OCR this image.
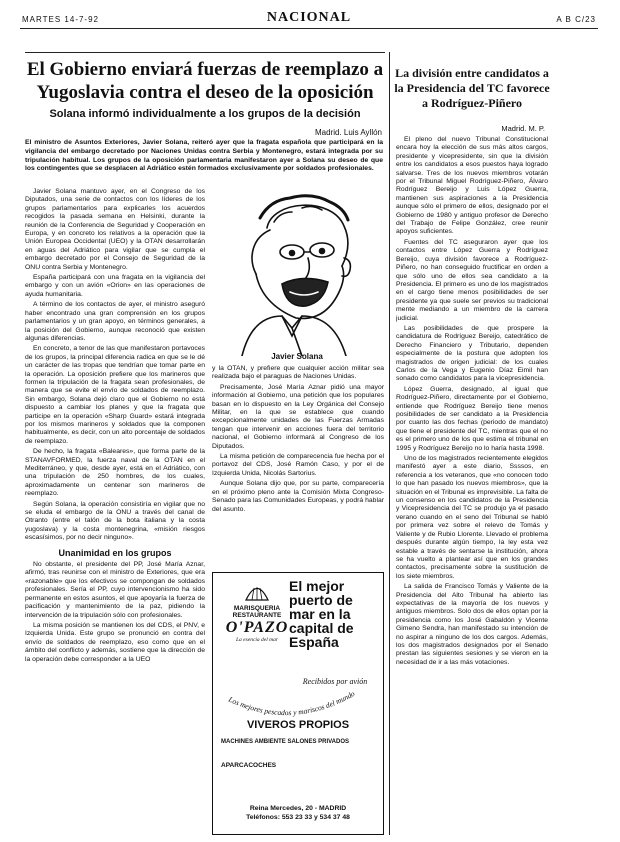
MARTES 14-7-92	NACIONAL	A B C/23
El Gobierno enviará fuerzas de reemplazo a Yugoslavia contra el deseo de la oposición
Solana informó individualmente a los grupos de la decisión
Madrid. Luis Ayllón

El ministro de Asuntos Exteriores, Javier Solana, reiteró ayer que la fragata española que participará en la vigilancia del embargo decretado por Naciones Unidas contra Serbia y Montenegro, estará integrada por su tripulación habitual. Los grupos de la oposición parlamentaria manifestaron ayer a Solana su deseo de que los contingentes que se desplacen al Adriático estén formados exclusivamente por soldados profesionales.

Javier Solana mantuvo ayer, en el Congreso de los Diputados, una serie de contactos con los líderes de los grupos parlamentarios para explicarles los acuerdos recogidos la pasada semana en Helsinki, durante la reunión de la Conferencia de Seguridad y Cooperación en Europa, y en concreto los relativos a la operación que la Unión Europea Occidental (UEO) y la OTAN desarrollarán en aguas del Adriático para vigilar que se cumpla el embargo decretado por el Consejo de Seguridad de la ONU contra Serbia y Montenegro.

España participará con una fragata en la vigilancia del embargo y con un avión «Orion» en las operaciones de ayuda humanitaria.

A término de los contactos de ayer, el ministro aseguró haber encontrado una gran comprensión en los grupos parlamentarios y un gran apoyo, en términos generales, a la posición del Gobierno, aunque reconoció que existen algunas diferencias.

En concreto, a tenor de las que manifestaron portavoces de los grupos, la principal diferencia radica en que se le dé un carácter de las tropas que tendrían que tomar parte en la operación. La oposición prefiere que los marineros que formen la tripulación de la fragata sean profesionales, de manera que se evite el envío de soldados de reemplazo. Sin embargo, Solana dejó claro que el Gobierno no está dispuesto a cambiar los planes y que la fragata que participe en la operación «Sharp Guard» estará integrada por los mismos marineros y soldados que la componen habitualmente, es decir, con un alto porcentaje de soldados de reemplazo.

De hecho, la fragata «Baleares», que forma parte de la STANAVFORMED, la fuerza naval de la OTAN en el Mediterráneo, y que, desde ayer, está en el Adriático, con una tripulación de 250 hombres, de los cuales, aproximadamente un centenar son marineros de reemplazo.

Según Solana, la operación consistiría en vigilar que no se eluda el embargo de la ONU a través del canal de Otranto (entre el talón de la bota italiana y la costa yugoslava) y la costa montenegrina, «misión riesgos escasísimos, por no decir ninguno».

Unanimidad en los grupos

No obstante, el presidente del PP, José María Aznar, afirmó, tras reunirse con el ministro de Exteriores, que era «razonable» que los efectivos se compongan de soldados profesionales. Sería el PP, cuyo intervencionismo ha sido permanente en estos asuntos, el que apoyaría la fuerza de pacificación y mantenimiento de la paz, pidiendo la intervención de la tripulación sólo con profesionales.

La misma posición se mantienen los del CDS, el PNV, e Izquierda Unida. Este grupo se pronunció en contra del envío de soldados de reemplazo, eso como que en el ámbito del conflicto y además, sostiene que la dirección de la operación debe corresponder a la UEO

Javier Solana

y la OTAN, y prefiere que cualquier acción militar sea realizada bajo el paraguas de Naciones Unidas.

Precisamente, José María Aznar pidió una mayor información al Gobierno, una petición que los populares basan en lo dispuesto en la Ley Orgánica del Consejo Militar, en la que se establece que cuando excepcionalmente unidades de las Fuerzas Armadas tengan que intervenir en acciones fuera del territorio nacional, el Gobierno informará al Congreso de los Diputados.

La misma petición de comparecencia fue hecha por el portavoz del CDS, José Ramón Caso, y por el de Izquierda Unida, Nicolás Sartorius.

Aunque Solana dijo que, por su parte, comparecería en el próximo pleno ante la Comisión Mixta Congreso-Senado para las Comunidades Europeas, y podrá hablar del asunto.

MARISQUERIA RESTAURANTE
O'PAZO
La esencia del mar
El mejor puerto de mar en la capital de España
Recibidos por avión
Los mejores pescados y mariscos del mundo
VIVEROS PROPIOS
MACHINES AMBIENTE SALONES PRIVADOS
APARCACOCHES
Reina Mercedes, 20 - MADRID
Teléfonos: 553 23 33 y 534 37 48
La división entre candidatos a la Presidencia del TC favorece a Rodríguez-Piñero
Madrid. M. P.

El pleno del nuevo Tribunal Constitucional encara hoy la elección de sus más altos cargos, presidente y vicepresidente, sin que la división entre los candidatos a esos puestos haya logrado salvarse. Tres de los nuevos miembros votarán por el Tribunal Miguel Rodríguez-Piñero, Álvaro Rodríguez Bereijo y Luis López Guerra, mantienen sus aspiraciones a la Presidencia aunque sólo el primero de ellos, designado por el Gobierno de 1980 y antiguo profesor de Derecho del Trabajo de Felipe González, cree reunir apoyos suficientes.

Fuentes del TC aseguraron ayer que los contactos entre López Guerra y Rodríguez Bereijo, cuya división favorece a Rodríguez-Piñero, no han conseguido fructificar en orden a que sólo uno de ellos sea candidato a la Presidencia. El primero es uno de los magistrados en el cargo tiene menos posibilidades de ser presidente ya que suele ser previos su tradicional mente mediando a un miembro de la carrera judicial.

Las posibilidades de que prospere la candidatura de Rodríguez Bereijo, catedrático de Derecho Financiero y Tributario, dependen especialmente de la postura que adopten los magistrados de origen judicial: de los cuales Carlos de la Vega y Eugenio Díaz Eimil han sonado como candidatos para la vicepresidencia.

López Guerra, designado, al igual que Rodríguez-Piñero, directamente por el Gobierno, entiende que Rodríguez Bereijo tiene menos posibilidades de ser candidato a la Presidencia por cuanto las dos fechas (periodo de mandato) que tiene el presidente del TC, mientras que el no es el primero uno de los que estima el tribunal en 1995 y Rodríguez Bereijo no lo haría hasta 1998.

Uno de los magistrados recientemente elegidos manifestó ayer a este diario, Ssssos, en referencia a los veteranos, que «no conocen todo lo que han pasado los nuevos miembros», que la situación en el Tribunal es imprevisible. La falta de un consenso en los candidatos de la Presidencia y Vicepresidencia del TC se produjo ya el pasado verano cuando en el seno del Tribunal se habló por primera vez sobre el relevo de Tomás y Valiente y de Rubio Llorente. Llevado el problema después durante algún tiempo, la ley esta vez estable a través de sentarse la institución, ahora se ha vuelto a plantear así que en los grandes contactos, precisamente sobre la sustitución de los siete miembros.

La salida de Francisco Tomás y Valiente de la Presidencia del Alto Tribunal ha abierto las expectativas de la mayoría de los nuevos y antiguos miembros. Solo dos de ellos optan por la presidencia como los José Gabaldón y Vicente Gimeno Sendra, han manifestado su intención de no aspirar a ninguno de los dos cargos. Además, los dos magistrados designados por el Senado prestan las siguientes sesiones y se vieron en la necesidad de ir a las más votaciones.
